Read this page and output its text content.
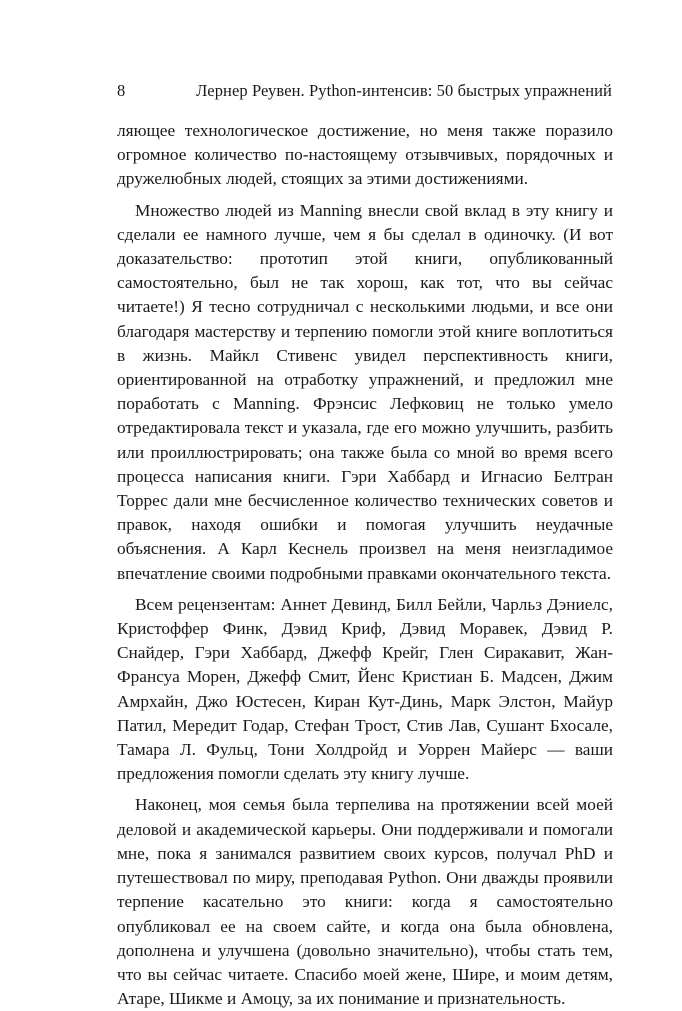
8	Лернер Реувен. Python-интенсив: 50 быстрых упражнений

ляющее технологическое достижение, но меня также поразило огромное количество по-настоящему отзывчивых, порядочных и дружелюбных людей, стоящих за этими достижениями.

Множество людей из Manning внесли свой вклад в эту книгу и сделали ее намного лучше, чем я бы сделал в одиночку. (И вот доказательство: прототип этой книги, опубликованный самостоятельно, был не так хорош, как тот, что вы сейчас читаете!) Я тесно сотрудничал с несколькими людьми, и все они благодаря мастерству и терпению помогли этой книге воплотиться в жизнь. Майкл Стивенс увидел перспективность книги, ориентированной на отработку упражнений, и предложил мне поработать с Manning. Фрэнсис Лефковиц не только умело отредактировала текст и указала, где его можно улучшить, разбить или проиллюстрировать; она также была со мной во время всего процесса написания книги. Гэри Хаббард и Игнасио Белтран Торрес дали мне бесчисленное количество технических советов и правок, находя ошибки и помогая улучшить неудачные объяснения. А Карл Кеснель произвел на меня неизгладимое впечатление своими подробными правками окончательного текста.

Всем рецензентам: Аннет Девинд, Билл Бейли, Чарльз Дэниелс, Кристоффер Финк, Дэвид Криф, Дэвид Моравек, Дэвид Р. Снайдер, Гэри Хаббард, Джефф Крейг, Глен Сиракавит, Жан-Франсуа Морен, Джефф Смит, Йенс Кристиан Б. Мадсен, Джим Амрхайн, Джо Юстесен, Киран Кут-Динь, Марк Элстон, Майур Патил, Мередит Годар, Стефан Трост, Стив Лав, Сушант Бхосале, Тамара Л. Фульц, Тони Холдройд и Уоррен Майерс — ваши предложения помогли сделать эту книгу лучше.

Наконец, моя семья была терпелива на протяжении всей моей деловой и академической карьеры. Они поддерживали и помогали мне, пока я занимался развитием своих курсов, получал PhD и путешествовал по миру, преподавая Python. Они дважды проявили терпение касательно это книги: когда я самостоятельно опубликовал ее на своем сайте, и когда она была обновлена, дополнена и улучшена (довольно значительно), чтобы стать тем, что вы сейчас читаете. Спасибо моей жене, Шире, и моим детям, Атаре, Шикме и Амоцу, за их понимание и признательность.
